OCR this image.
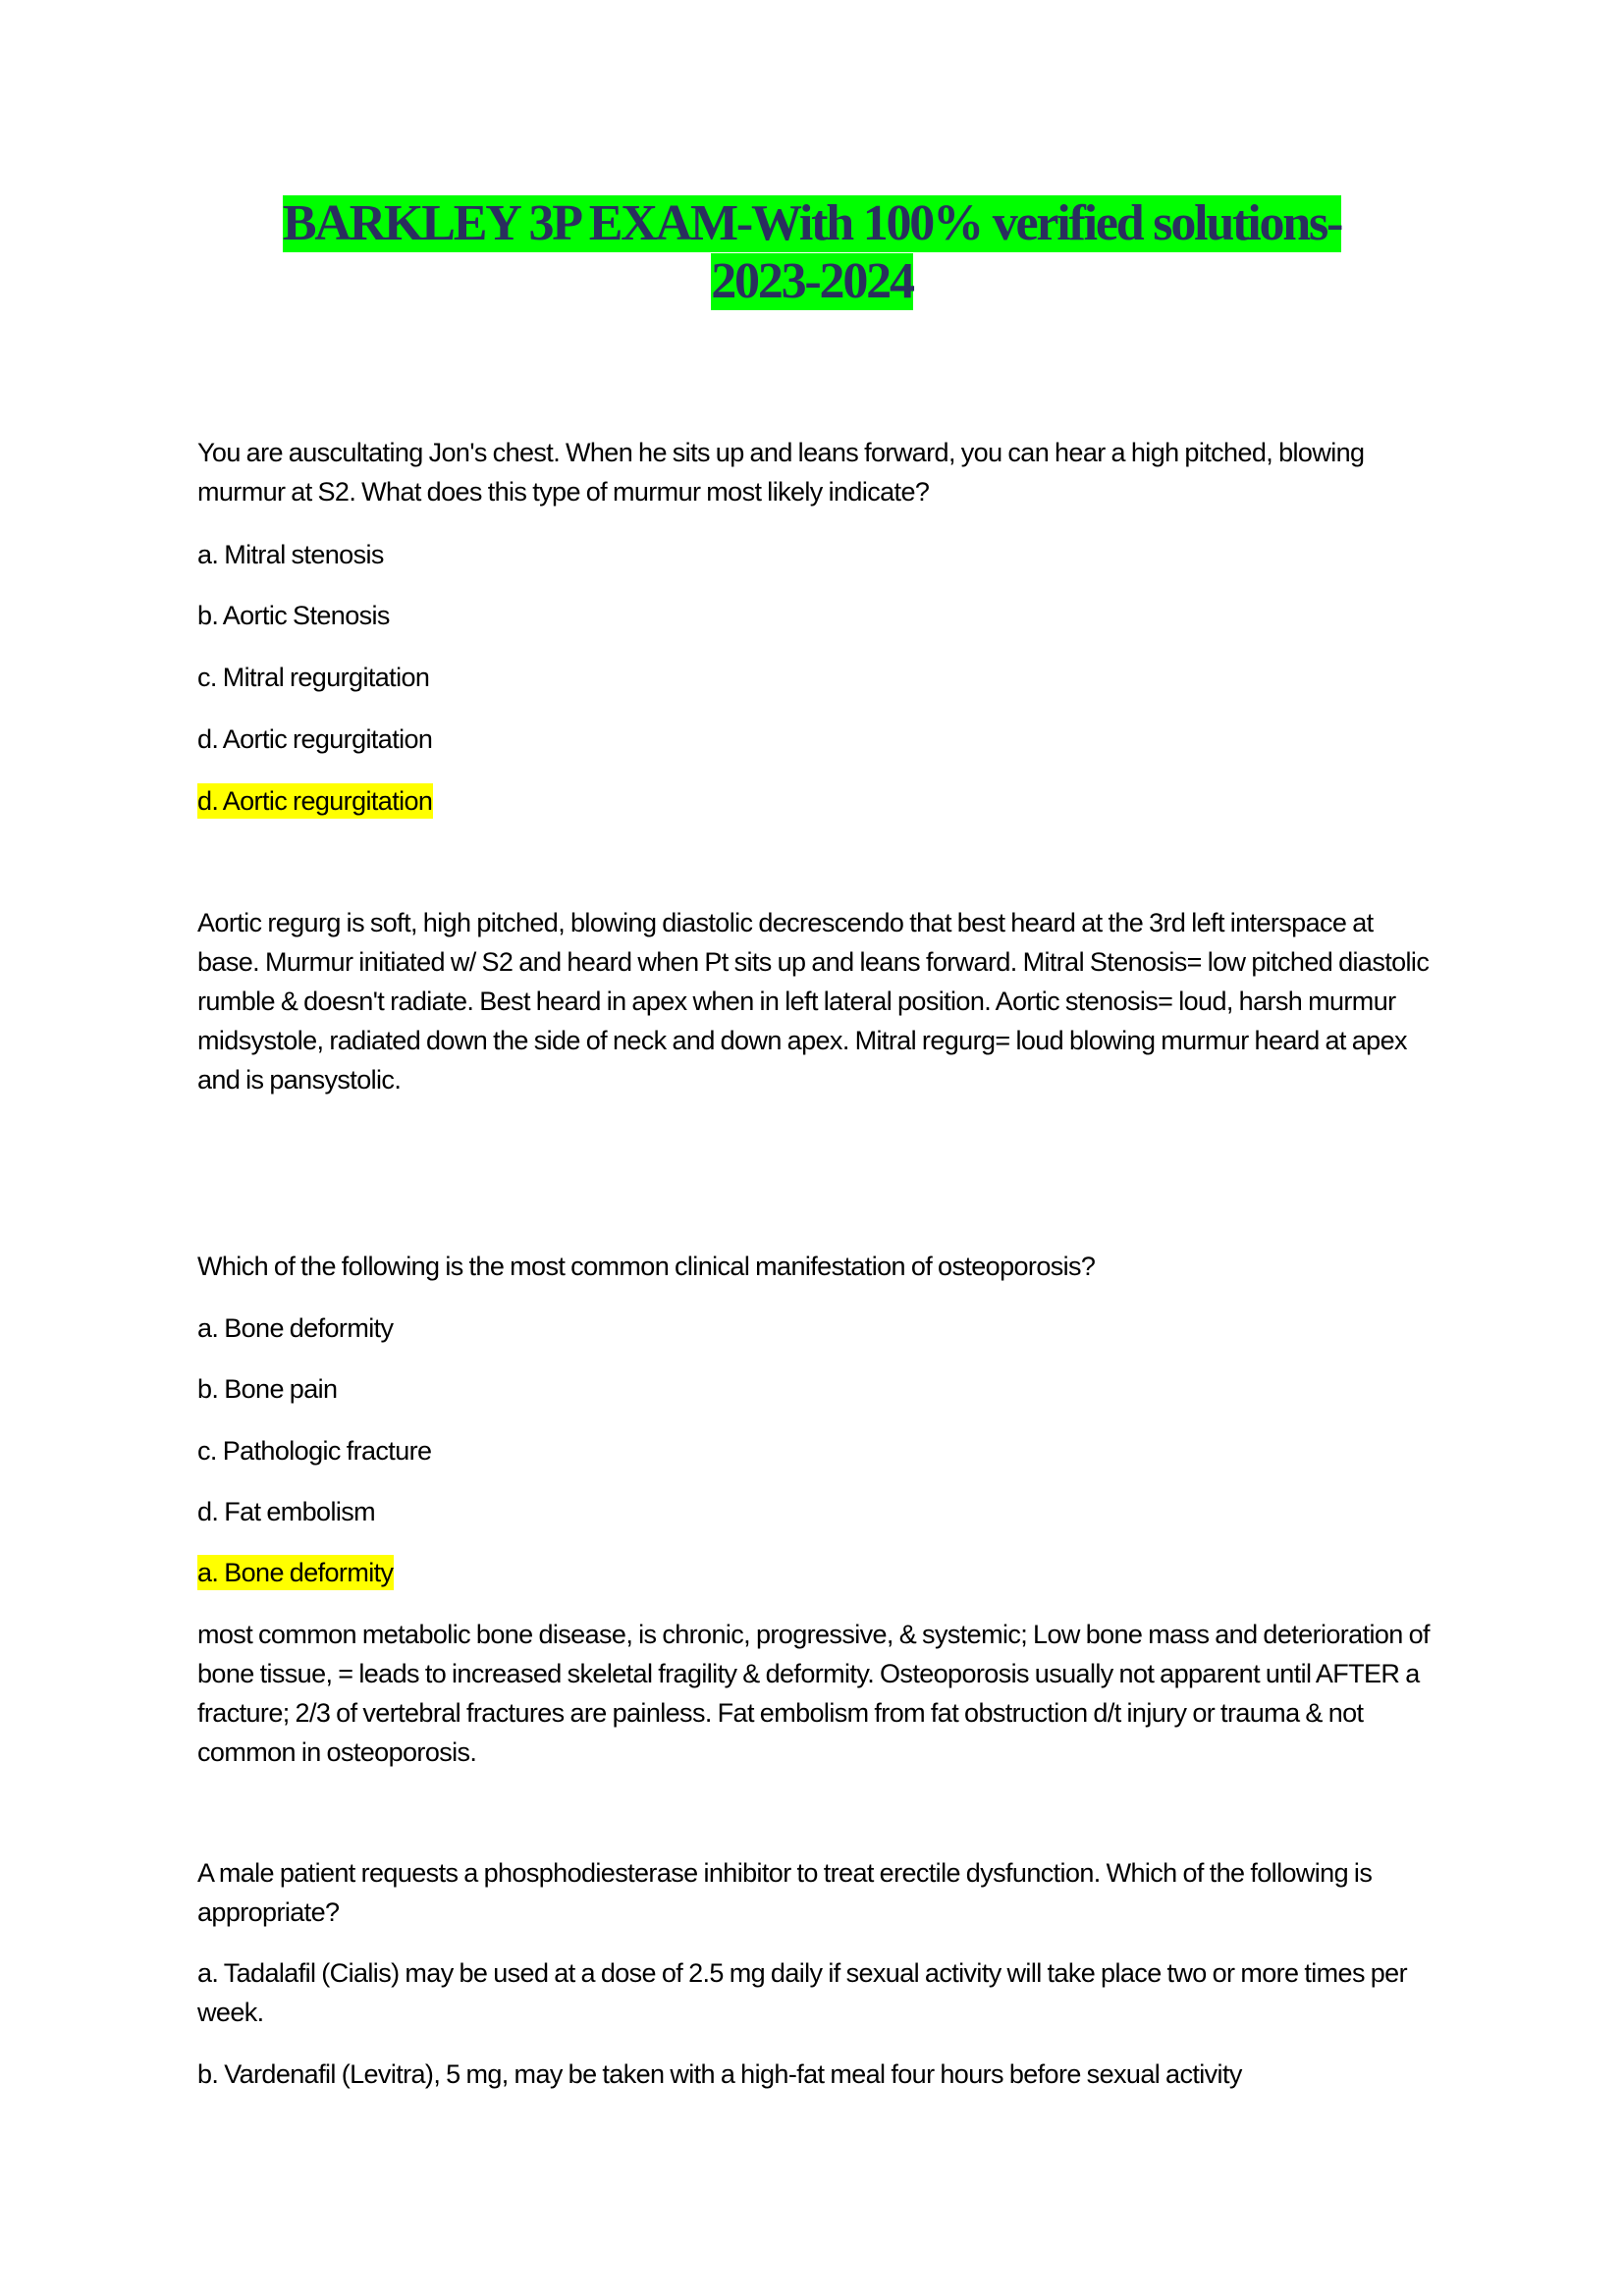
BARKLEY 3P EXAM-With 100% verified solutions-
2023-2024

You are auscultating Jon's chest. When he sits up and leans forward, you can hear a high pitched, blowing murmur at S2. What does this type of murmur most likely indicate?

a. Mitral stenosis
b. Aortic Stenosis
c. Mitral regurgitation
d. Aortic regurgitation
d. Aortic regurgitation

Aortic regurg is soft, high pitched, blowing diastolic decrescendo that best heard at the 3rd left interspace at base. Murmur initiated w/ S2 and heard when Pt sits up and leans forward. Mitral Stenosis= low pitched diastolic rumble & doesn't radiate. Best heard in apex when in left lateral position. Aortic stenosis= loud, harsh murmur midsystole, radiated down the side of neck and down apex. Mitral regurg= loud blowing murmur heard at apex and is pansystolic.

Which of the following is the most common clinical manifestation of osteoporosis?

a. Bone deformity
b. Bone pain
c. Pathologic fracture
d. Fat embolism
a. Bone deformity

most common metabolic bone disease, is chronic, progressive, & systemic; Low bone mass and deterioration of bone tissue, = leads to increased skeletal fragility & deformity. Osteoporosis usually not apparent until AFTER a fracture; 2/3 of vertebral fractures are painless. Fat embolism from fat obstruction d/t injury or trauma & not common in osteoporosis.

A male patient requests a phosphodiesterase inhibitor to treat erectile dysfunction. Which of the following is appropriate?

a. Tadalafil (Cialis) may be used at a dose of 2.5 mg daily if sexual activity will take place two or more times per week.

b. Vardenafil (Levitra), 5 mg, may be taken with a high-fat meal four hours before sexual activity
